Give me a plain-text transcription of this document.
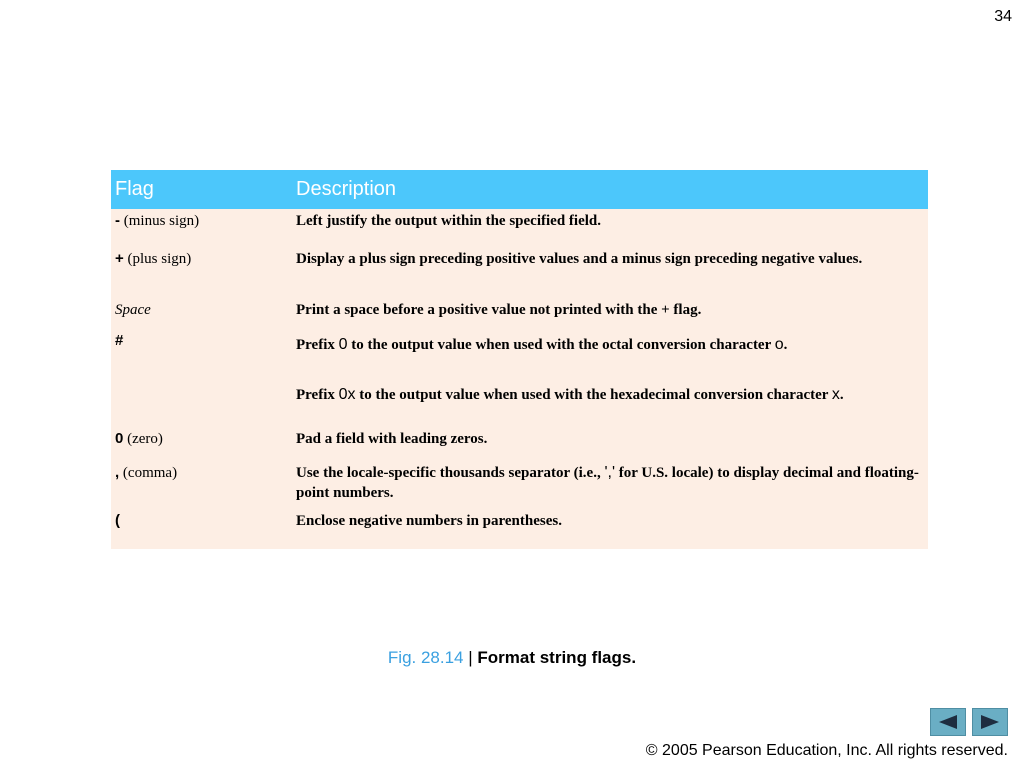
34
Flag	Description
- (minus sign)	Left justify the output within the specified field.
+ (plus sign)	Display a plus sign preceding positive values and a minus sign preceding negative values.
Space	Print a space before a positive value not printed with the + flag.
#	Prefix 0 to the output value when used with the octal conversion character o.
Prefix 0x to the output value when used with the hexadecimal conversion character x.

0 (zero)	Pad a field with leading zeros.
, (comma)	Use the locale-specific thousands separator (i.e., ',' for U.S. locale) to display decimal and floating-point numbers.
(	Enclose negative numbers in parentheses.
Fig. 28.14 | Format string flags.
© 2005 Pearson Education, Inc. All rights reserved.
